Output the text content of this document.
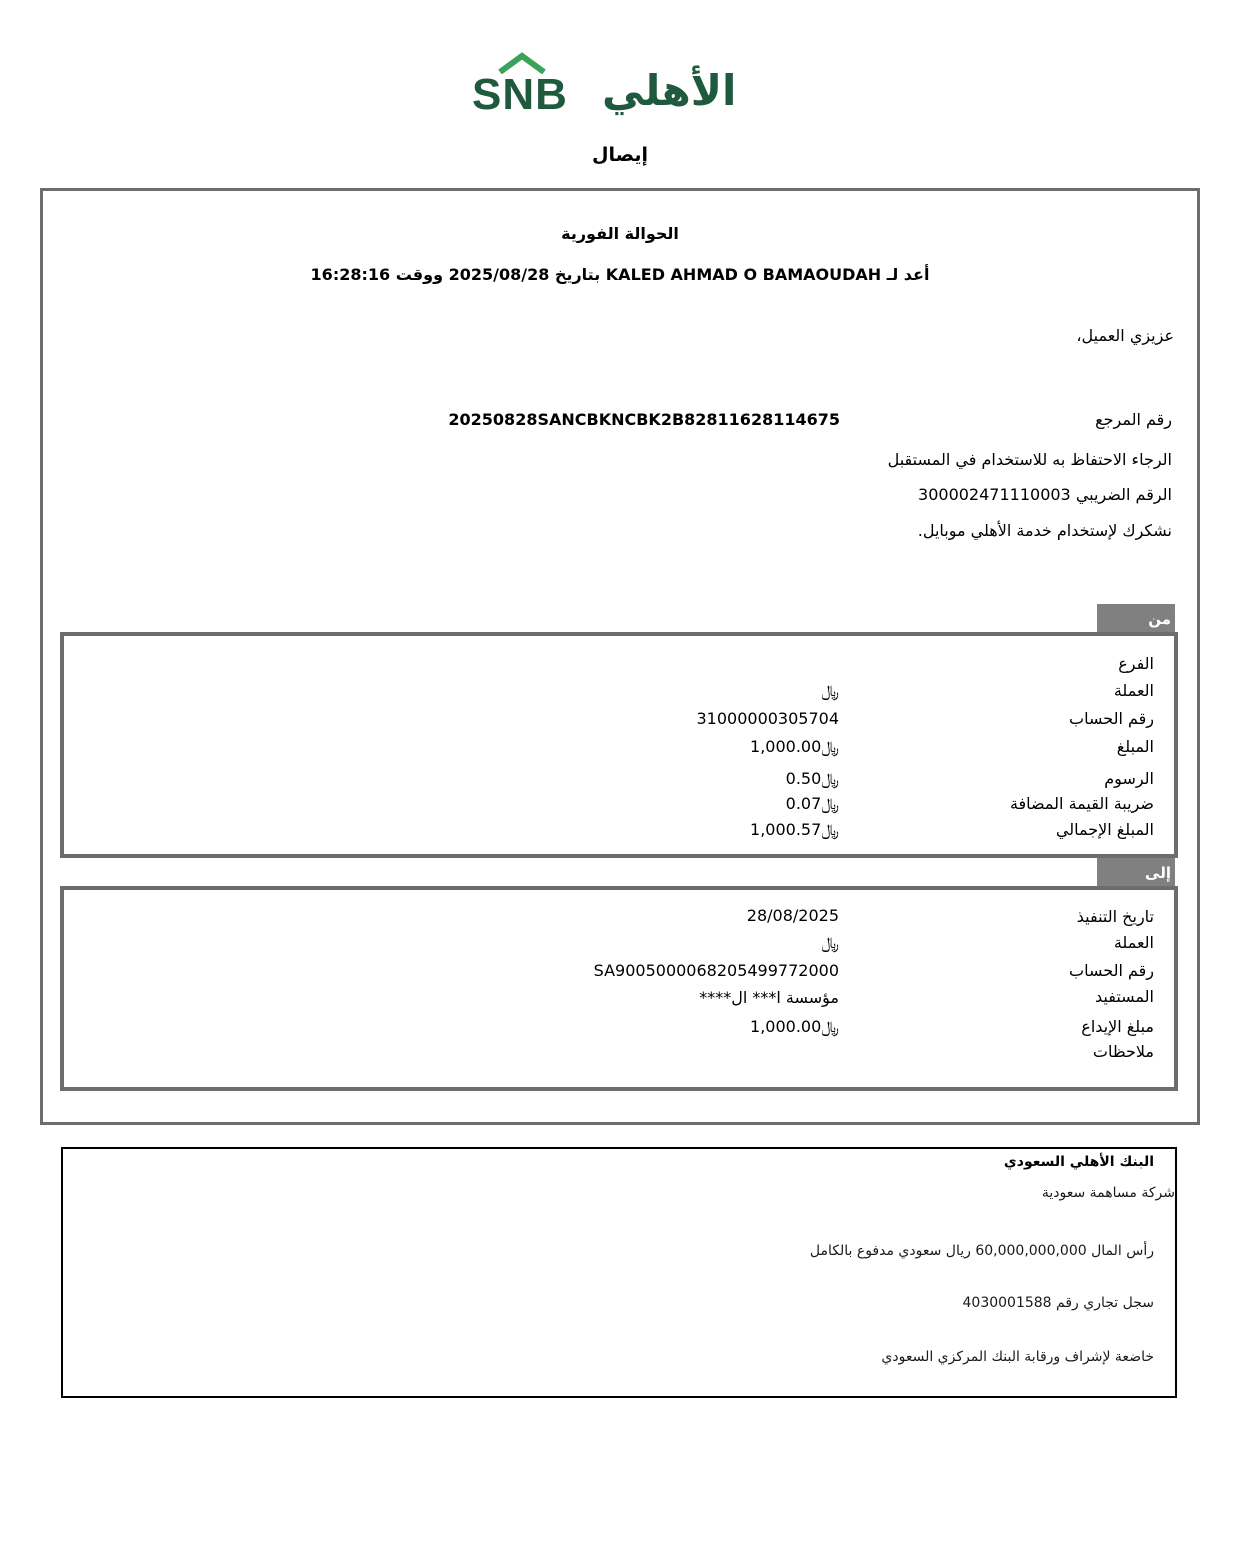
SNB الأهلي
إيصال
الحوالة الفورية
أعد لـ KALED AHMAD O BAMAOUDAH بتاريخ 2025/08/28 ووقت 16:28:16
عزيزي العميل،
رقم المرجع
20250828SANCBKNCBK2B82811628114675
الرجاء الاحتفاظ به للاستخدام في المستقبل
الرقم الضريبي 300002471110003
نشكرك لإستخدام خدمة الأهلي موبايل.
من
الفرع
العملة
﷼
رقم الحساب
31000000305704
المبلغ
﷼1,000.00
الرسوم
﷼0.50
ضريبة القيمة المضافة
﷼0.07
المبلغ الإجمالي
﷼1,000.57
إلى
تاريخ التنفيذ
28/08/2025
العملة
﷼
رقم الحساب
SA9005000068205499772000
المستفيد
مؤسسة ا*** ال****
مبلغ الإيداع
﷼1,000.00
ملاحظات
البنك الأهلي السعودي
شركة مساهمة سعودية
رأس المال 60,000,000,000 ريال سعودي مدفوع بالكامل
سجل تجاري رقم 4030001588
خاضعة لإشراف ورقابة البنك المركزي السعودي
